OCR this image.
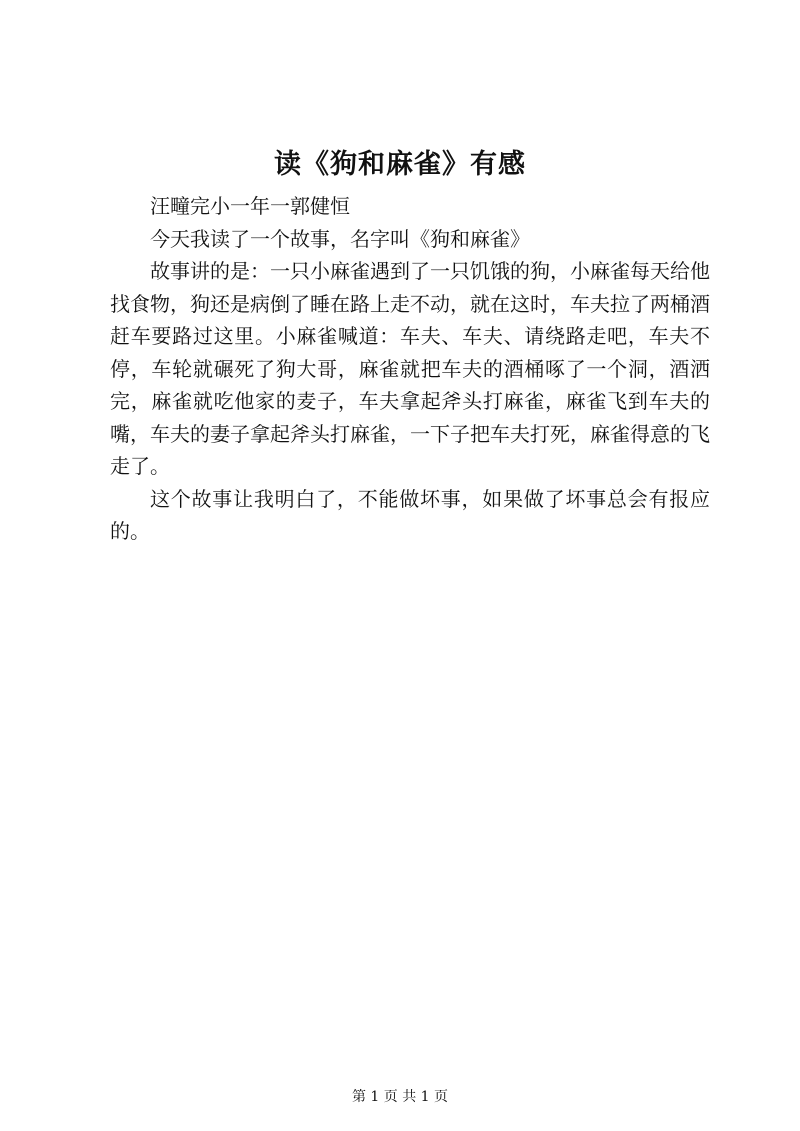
读《狗和麻雀》有感

汪疃完小一年一郭健恒

今天我读了一个故事，名字叫《狗和麻雀》

故事讲的是：一只小麻雀遇到了一只饥饿的狗，小麻雀每天给他找食物，狗还是病倒了睡在路上走不动，就在这时，车夫拉了两桶酒赶车要路过这里。小麻雀喊道：车夫、车夫、请绕路走吧，车夫不停，车轮就碾死了狗大哥，麻雀就把车夫的酒桶啄了一个洞，酒洒完，麻雀就吃他家的麦子，车夫拿起斧头打麻雀，麻雀飞到车夫的嘴，车夫的妻子拿起斧头打麻雀，一下子把车夫打死，麻雀得意的飞走了。

这个故事让我明白了，不能做坏事，如果做了坏事总会有报应的。

第 1 页 共 1 页
